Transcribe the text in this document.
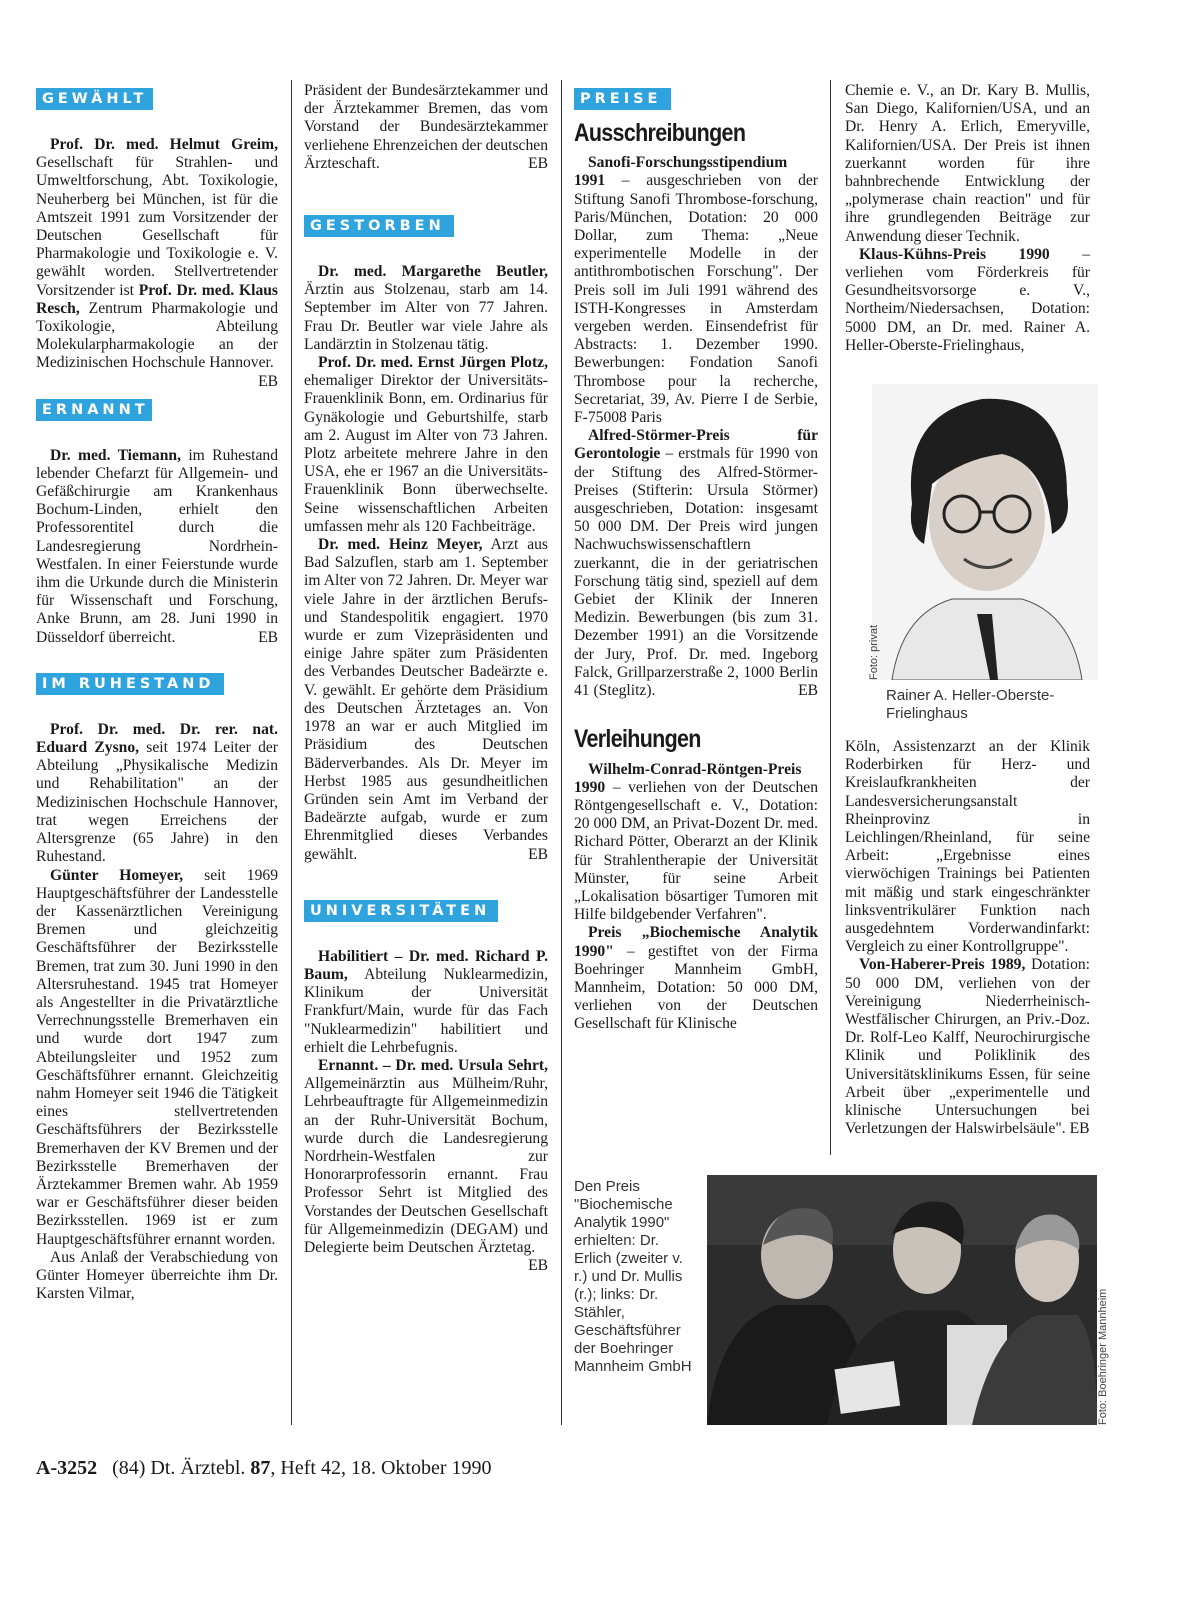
GEWÄHLT

Prof. Dr. med. Helmut Greim, Gesellschaft für Strahlen- und Umweltforschung, Abt. Toxikologie, Neuherberg bei München, ist für die Amtszeit 1991 zum Vorsitzender der Deutschen Gesellschaft für Pharmakologie und Toxikologie e. V. gewählt worden. Stellvertretender Vorsitzender ist Prof. Dr. med. Klaus Resch, Zentrum Pharmakologie und Toxikologie, Abteilung Molekularpharmakologie an der Medizinischen Hochschule Hannover.
EB

ERNANNT

Dr. med. Tiemann, im Ruhestand lebender Chefarzt für Allgemein- und Gefäßchirurgie am Krankenhaus Bochum-Linden, erhielt den Professorentitel durch die Landesregierung Nordrhein-Westfalen. In einer Feierstunde wurde ihm die Urkunde durch die Ministerin für Wissenschaft und Forschung, Anke Brunn, am 28. Juni 1990 in Düsseldorf überreicht.	EB

IM RUHESTAND

Prof. Dr. med. Dr. rer. nat. Eduard Zysno, seit 1974 Leiter der Abteilung „Physikalische Medizin und Rehabilitation" an der Medizinischen Hochschule Hannover, trat wegen Erreichens der Altersgrenze (65 Jahre) in den Ruhestand.

Günter Homeyer, seit 1969 Hauptgeschäftsführer der Landesstelle der Kassenärztlichen Vereinigung Bremen und gleichzeitig Geschäftsführer der Bezirksstelle Bremen, trat zum 30. Juni 1990 in den Altersruhestand. 1945 trat Homeyer als Angestellter in die Privatärztliche Verrechnungsstelle Bremerhaven ein und wurde dort 1947 zum Abteilungsleiter und 1952 zum Geschäftsführer ernannt. Gleichzeitig nahm Homeyer seit 1946 die Tätigkeit eines stellvertretenden Geschäftsführers der Bezirksstelle Bremerhaven der KV Bremen und der Bezirksstelle Bremerhaven der Ärztekammer Bremen wahr. Ab 1959 war er Geschäftsführer dieser beiden Bezirksstellen. 1969 ist er zum Hauptgeschäftsführer ernannt worden.

Aus Anlaß der Verabschiedung von Günter Homeyer überreichte ihm Dr. Karsten Vilmar,

Präsident der Bundesärztekammer und der Ärztekammer Bremen, das vom Vorstand der Bundesärztekammer verliehene Ehrenzeichen der deutschen Ärzteschaft.	EB

GESTORBEN

Dr. med. Margarethe Beutler, Ärztin aus Stolzenau, starb am 14. September im Alter von 77 Jahren. Frau Dr. Beutler war viele Jahre als Landärztin in Stolzenau tätig.

Prof. Dr. med. Ernst Jürgen Plotz, ehemaliger Direktor der Universitäts-Frauenklinik Bonn, em. Ordinarius für Gynäkologie und Geburtshilfe, starb am 2. August im Alter von 73 Jahren. Plotz arbeitete mehrere Jahre in den USA, ehe er 1967 an die Universitäts-Frauenklinik Bonn überwechselte. Seine wissenschaftlichen Arbeiten umfassen mehr als 120 Fachbeiträge.

Dr. med. Heinz Meyer, Arzt aus Bad Salzuflen, starb am 1. September im Alter von 72 Jahren. Dr. Meyer war viele Jahre in der ärztlichen Berufs- und Standespolitik engagiert. 1970 wurde er zum Vizepräsidenten und einige Jahre später zum Präsidenten des Verbandes Deutscher Badeärzte e. V. gewählt. Er gehörte dem Präsidium des Deutschen Ärztetages an. Von 1978 an war er auch Mitglied im Präsidium des Deutschen Bäderverbandes. Als Dr. Meyer im Herbst 1985 aus gesundheitlichen Gründen sein Amt im Verband der Badeärzte aufgab, wurde er zum Ehrenmitglied dieses Verbandes gewählt.	EB

UNIVERSITÄTEN

Habilitiert – Dr. med. Richard P. Baum, Abteilung Nuklearmedizin, Klinikum der Universität Frankfurt/Main, wurde für das Fach "Nuklearmedizin" habilitiert und erhielt die Lehrbefugnis.

Ernannt. – Dr. med. Ursula Sehrt, Allgemeinärztin aus Mülheim/Ruhr, Lehrbeauftragte für Allgemeinmedizin an der Ruhr-Universität Bochum, wurde durch die Landesregierung Nordrhein-Westfalen zur Honorarprofessorin ernannt. Frau Professor Sehrt ist Mitglied des Vorstandes der Deutschen Gesellschaft für Allgemeinmedizin (DEGAM) und Delegierte beim Deutschen Ärztetag.
EB

PREISE
Ausschreibungen

Sanofi-Forschungsstipendium 1991 – ausgeschrieben von der Stiftung Sanofi Thrombose-forschung, Paris/München, Dotation: 20 000 Dollar, zum Thema: „Neue experimentelle Modelle in der antithrombotischen Forschung". Der Preis soll im Juli 1991 während des ISTH-Kongresses in Amsterdam vergeben werden. Einsendefrist für Abstracts: 1. Dezember 1990. Bewerbungen: Fondation Sanofi Thrombose pour la recherche, Secretariat, 39, Av. Pierre I de Serbie, F-75008 Paris

Alfred-Störmer-Preis für Gerontologie – erstmals für 1990 von der Stiftung des Alfred-Störmer-Preises (Stifterin: Ursula Störmer) ausgeschrieben, Dotation: insgesamt 50 000 DM. Der Preis wird jungen Nachwuchswissenschaftlern zuerkannt, die in der geriatrischen Forschung tätig sind, speziell auf dem Gebiet der Klinik der Inneren Medizin. Bewerbungen (bis zum 31. Dezember 1991) an die Vorsitzende der Jury, Prof. Dr. med. Ingeborg Falck, Grillparzerstraße 2, 1000 Berlin 41 (Steglitz).	EB

Verleihungen

Wilhelm-Conrad-Röntgen-Preis 1990 – verliehen von der Deutschen Röntgengesellschaft e. V., Dotation: 20 000 DM, an Privat-Dozent Dr. med. Richard Pötter, Oberarzt an der Klinik für Strahlentherapie der Universität Münster, für seine Arbeit „Lokalisation bösartiger Tumoren mit Hilfe bildgebender Verfahren".

Preis „Biochemische Analytik 1990" – gestiftet von der Firma Boehringer Mannheim GmbH, Mannheim, Dotation: 50 000 DM, verliehen von der Deutschen Gesellschaft für Klinische

Chemie e. V., an Dr. Kary B. Mullis, San Diego, Kalifornien/USA, und an Dr. Henry A. Erlich, Emeryville, Kalifornien/USA. Der Preis ist ihnen zuerkannt worden für ihre bahnbrechende Entwicklung der „polymerase chain reaction" und für ihre grundlegenden Beiträge zur Anwendung dieser Technik.

Klaus-Kühns-Preis 1990 – verliehen vom Förderkreis für Gesundheitsvorsorge e. V., Northeim/Niedersachsen, Dotation: 5000 DM, an Dr. med. Rainer A. Heller-Oberste-Frielinghaus,

Köln, Assistenzarzt an der Klinik Roderbirken für Herz- und Kreislaufkrankheiten der Landesversicherungsanstalt Rheinprovinz in Leichlingen/Rheinland, für seine Arbeit: „Ergebnisse eines vierwöchigen Trainings bei Patienten mit mäßig und stark eingeschränkter linksventrikulärer Funktion nach ausgedehntem Vorderwandinfarkt: Vergleich zu einer Kontrollgruppe".

Von-Haberer-Preis 1989, Dotation: 50 000 DM, verliehen von der Vereinigung Niederrheinisch-Westfälischer Chirurgen, an Priv.-Doz. Dr. Rolf-Leo Kalff, Neurochirurgische Klinik und Poliklinik des Universitätsklinikums Essen, für seine Arbeit über „experimentelle und klinische Untersuchungen bei Verletzungen der Halswirbelsäule". EB

Foto: privat
Rainer A. Heller-Oberste-Frielinghaus
Foto: Boehringer Mannheim
Den Preis "Biochemische Analytik 1990" erhielten: Dr. Erlich (zweiter v. r.) und Dr. Mullis (r.); links: Dr. Stähler, Geschäftsführer der Boehringer Mannheim GmbH
A-3252 (84) Dt. Ärztebl. 87, Heft 42, 18. Oktober 1990
